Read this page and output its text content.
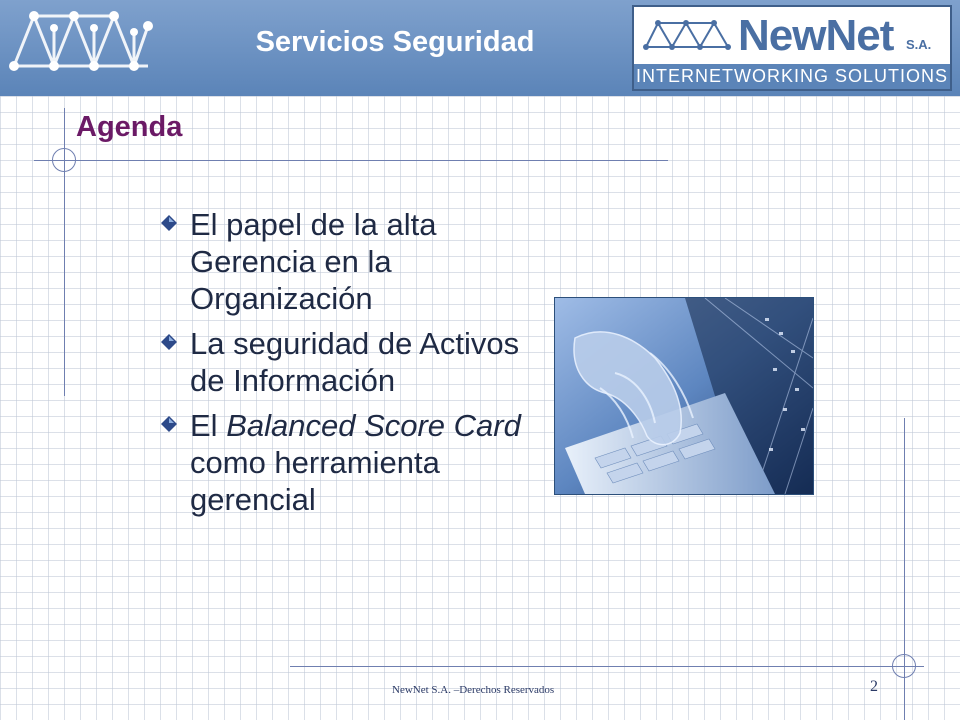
Servicios Seguridad	NewNet S.A.
INTERNETWORKING SOLUTIONS
Agenda
El papel de la alta Gerencia en la Organización
La seguridad de Activos de Información
El Balanced Score Card como herramienta gerencial
NewNet S.A. –Derechos Reservados	2
